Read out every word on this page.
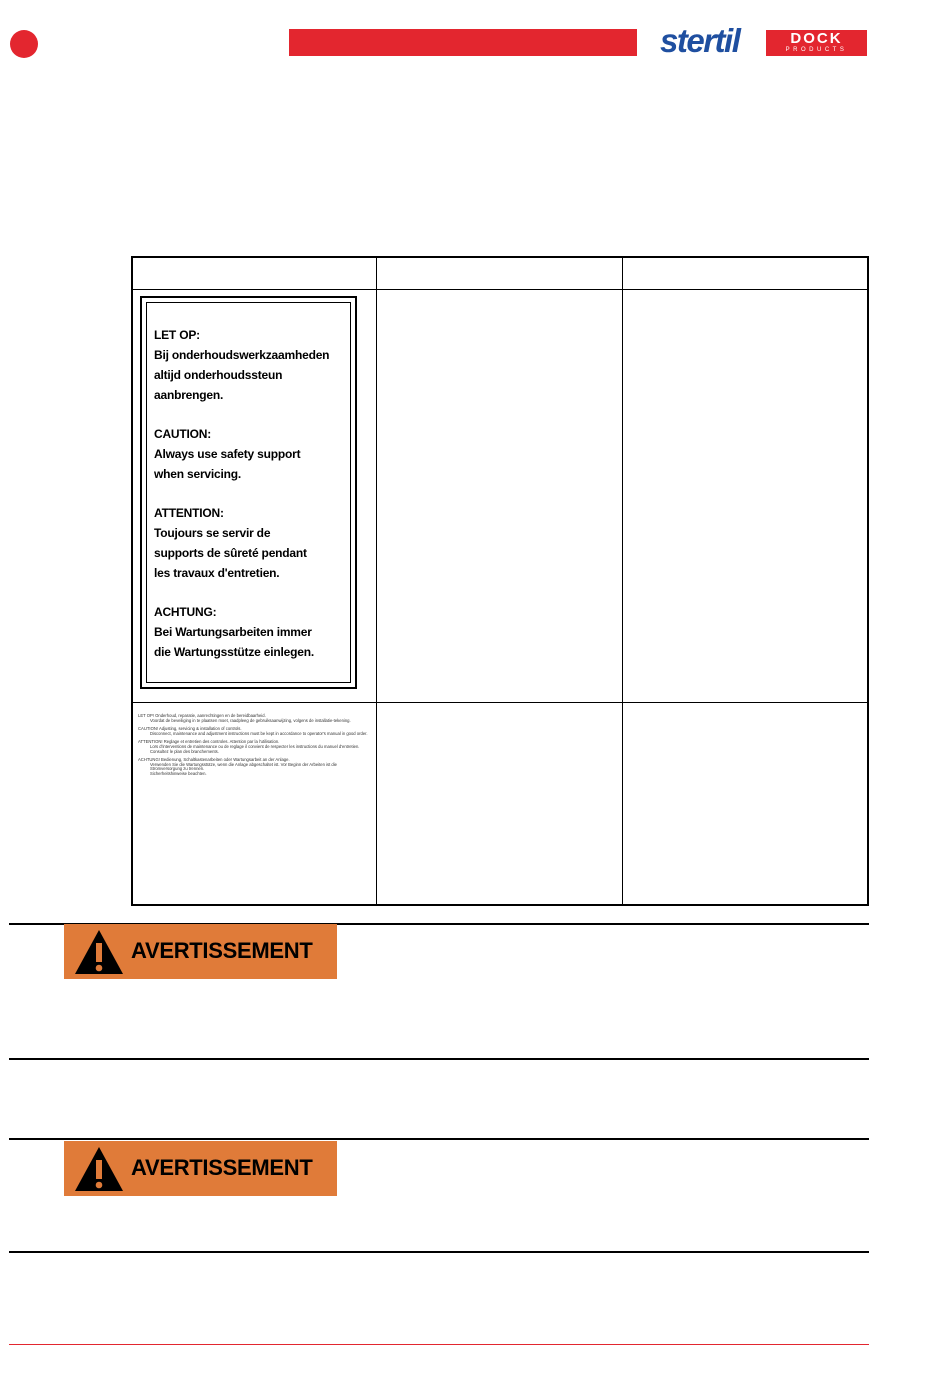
stertil	DOCK
PRODUCTS

LET OP:
Bij onderhoudswerkzaamheden
altijd onderhoudssteun
aanbrengen.

CAUTION:
Always use safety support
when servicing.

ATTENTION:
Toujours se servir de
supports de sûreté pendant
les travaux d'entretien.

ACHTUNG:
Bei Wartungsarbeiten immer
die Wartungsstütze einlegen.

LET OP! Onderhoud, reparatie, aanrechtingen en de bereidbaarheid.
Voordat de beveiliging in te plaatsen moet, raadpleeg de gebruiksaanwijzing, volgens de installatie-tekening.
CAUTION! Adjusting, servicing & installation of controls.
Disconnect, maintenance and adjustment instructions must be kept in accordance to operator's manual in good order.
ATTENTION! Reglage et entretien des controles. Attention par la l'utilisation.
Lors d'interventions de maintenance ou de reglage il convient de respecter les instructions du manuel d'entretien.
Consultez le plan des branchements.
ACHTUNG! Bedienung, Schaltkastenarbeiten oder Wartungsarbeit an der Anlage.
Verwenden Sie die Wartungsstütze, wenn die Anlage abgeschaltet ist. Vor Beginn der Arbeiten ist die Stromversorgung zu trennen.
Sicherheitshinweise beachten.
AVERTISSEMENT
AVERTISSEMENT
